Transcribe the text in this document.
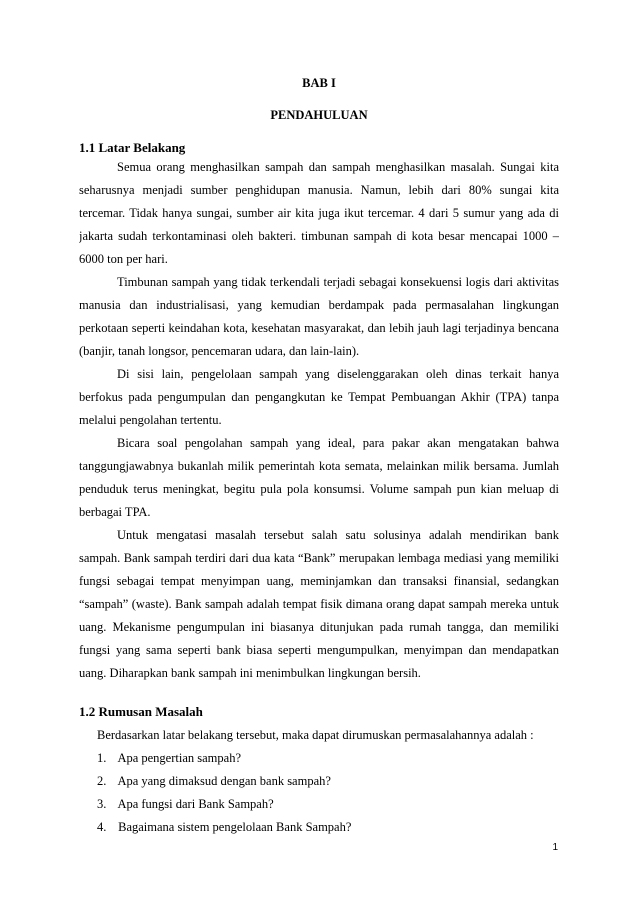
BAB I
PENDAHULUAN
1.1 Latar Belakang
Semua orang menghasilkan sampah dan sampah menghasilkan masalah. Sungai kita
seharusnya menjadi sumber penghidupan manusia. Namun, lebih dari 80% sungai kita
tercemar. Tidak hanya sungai, sumber air kita juga ikut tercemar. 4 dari 5 sumur yang ada di
jakarta sudah terkontaminasi oleh bakteri. timbunan sampah di kota besar mencapai 1000 –
6000 ton per hari.
Timbunan sampah yang tidak terkendali terjadi sebagai konsekuensi logis dari aktivitas
manusia dan industrialisasi, yang kemudian berdampak pada permasalahan lingkungan
perkotaan seperti keindahan kota, kesehatan masyarakat, dan lebih jauh lagi terjadinya bencana
(banjir, tanah longsor, pencemaran udara, dan lain-lain).
Di sisi lain, pengelolaan sampah yang diselenggarakan oleh dinas terkait hanya
berfokus pada pengumpulan dan pengangkutan ke Tempat Pembuangan Akhir (TPA) tanpa
melalui pengolahan tertentu.
Bicara soal pengolahan sampah yang ideal, para pakar akan mengatakan bahwa
tanggungjawabnya bukanlah milik pemerintah kota semata, melainkan milik bersama. Jumlah
penduduk terus meningkat, begitu pula pola konsumsi. Volume sampah pun kian meluap di
berbagai TPA.
Untuk mengatasi masalah tersebut salah satu solusinya adalah mendirikan bank
sampah. Bank sampah terdiri dari dua kata “Bank” merupakan lembaga mediasi yang memiliki
fungsi sebagai tempat menyimpan uang, meminjamkan dan transaksi finansial, sedangkan
“sampah” (waste). Bank sampah adalah tempat fisik dimana orang dapat sampah mereka untuk
uang. Mekanisme pengumpulan ini biasanya ditunjukan pada rumah tangga, dan memiliki
fungsi yang sama seperti bank biasa seperti mengumpulkan, menyimpan dan mendapatkan
uang. Diharapkan bank sampah ini menimbulkan lingkungan bersih.
1.2 Rumusan Masalah
Berdasarkan latar belakang tersebut, maka dapat dirumuskan permasalahannya adalah :
1. Apa pengertian sampah?
2. Apa yang dimaksud dengan bank sampah?
3. Apa fungsi dari Bank Sampah?
4. Bagaimana sistem pengelolaan Bank Sampah?
1
